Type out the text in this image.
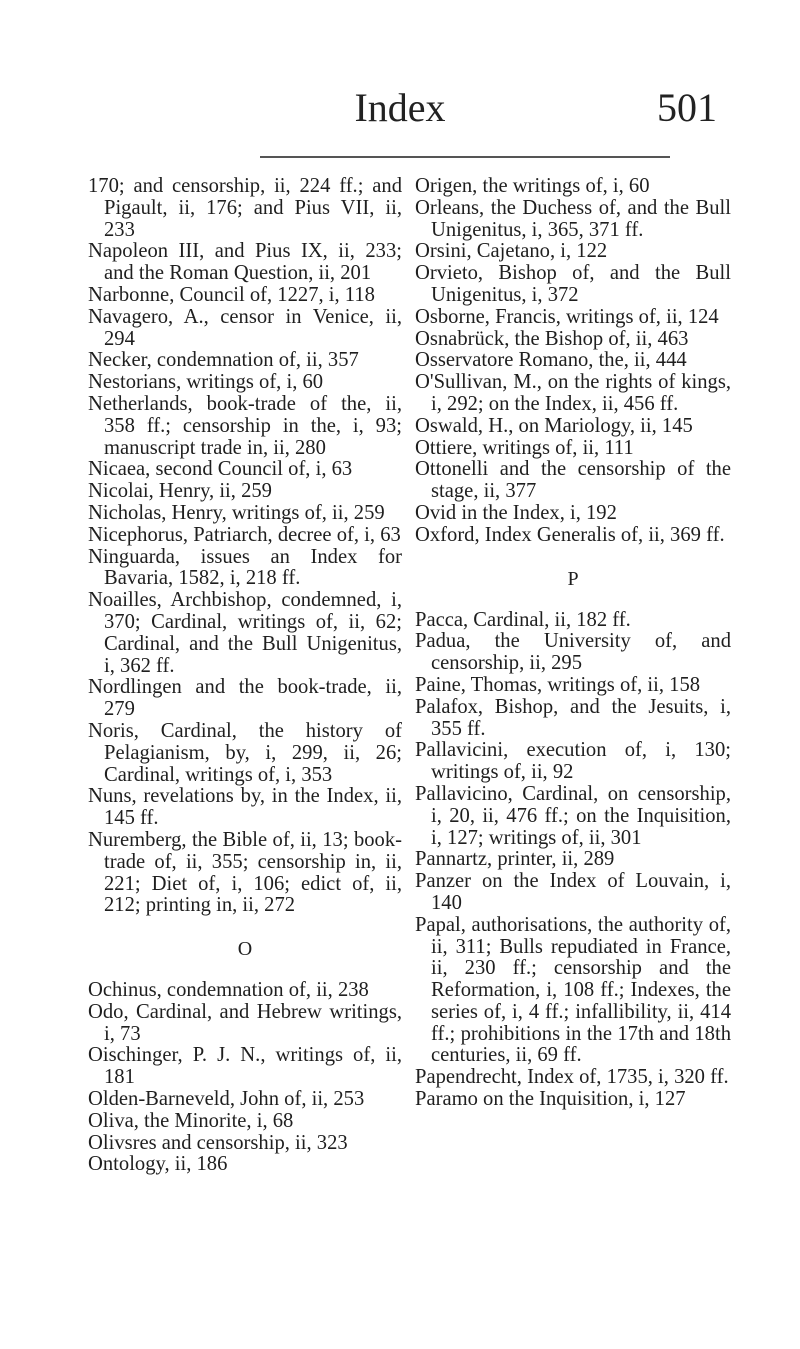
Index	501

170; and censorship, ii, 224 ff.; and Pigault, ii, 176; and Pius VII, ii, 233

Napoleon III, and Pius IX, ii, 233; and the Roman Question, ii, 201

Narbonne, Council of, 1227, i, 118

Navagero, A., censor in Venice, ii, 294

Necker, condemnation of, ii, 357

Nestorians, writings of, i, 60

Netherlands, book-trade of the, ii, 358 ff.; censorship in the, i, 93; manuscript trade in, ii, 280

Nicaea, second Council of, i, 63

Nicolai, Henry, ii, 259

Nicholas, Henry, writings of, ii, 259

Nicephorus, Patriarch, decree of, i, 63

Ninguarda, issues an Index for Bavaria, 1582, i, 218 ff.

Noailles, Archbishop, condemned, i, 370; Cardinal, writings of, ii, 62; Cardinal, and the Bull Unigenitus, i, 362 ff.

Nordlingen and the book-trade, ii, 279

Noris, Cardinal, the history of Pelagianism, by, i, 299, ii, 26; Cardinal, writings of, i, 353

Nuns, revelations by, in the Index, ii, 145 ff.

Nuremberg, the Bible of, ii, 13; book-trade of, ii, 355; censorship in, ii, 221; Diet of, i, 106; edict of, ii, 212; printing in, ii, 272

O

Ochinus, condemnation of, ii, 238

Odo, Cardinal, and Hebrew writings, i, 73

Oischinger, P. J. N., writings of, ii, 181

Olden-Barneveld, John of, ii, 253

Oliva, the Minorite, i, 68

Olivsres and censorship, ii, 323

Ontology, ii, 186

Origen, the writings of, i, 60

Orleans, the Duchess of, and the Bull Unigenitus, i, 365, 371 ff.

Orsini, Cajetano, i, 122

Orvieto, Bishop of, and the Bull Unigenitus, i, 372

Osborne, Francis, writings of, ii, 124

Osnabrück, the Bishop of, ii, 463

Osservatore Romano, the, ii, 444

O'Sullivan, M., on the rights of kings, i, 292; on the Index, ii, 456 ff.

Oswald, H., on Mariology, ii, 145

Ottiere, writings of, ii, 111

Ottonelli and the censorship of the stage, ii, 377

Ovid in the Index, i, 192

Oxford, Index Generalis of, ii, 369 ff.

P

Pacca, Cardinal, ii, 182 ff.

Padua, the University of, and censorship, ii, 295

Paine, Thomas, writings of, ii, 158

Palafox, Bishop, and the Jesuits, i, 355 ff.

Pallavicini, execution of, i, 130; writings of, ii, 92

Pallavicino, Cardinal, on censorship, i, 20, ii, 476 ff.; on the Inquisition, i, 127; writings of, ii, 301

Pannartz, printer, ii, 289

Panzer on the Index of Louvain, i, 140

Papal, authorisations, the authority of, ii, 311; Bulls repudiated in France, ii, 230 ff.; censorship and the Reformation, i, 108 ff.; Indexes, the series of, i, 4 ff.; infallibility, ii, 414 ff.; prohibitions in the 17th and 18th centuries, ii, 69 ff.

Papendrecht, Index of, 1735, i, 320 ff.

Paramo on the Inquisition, i, 127
